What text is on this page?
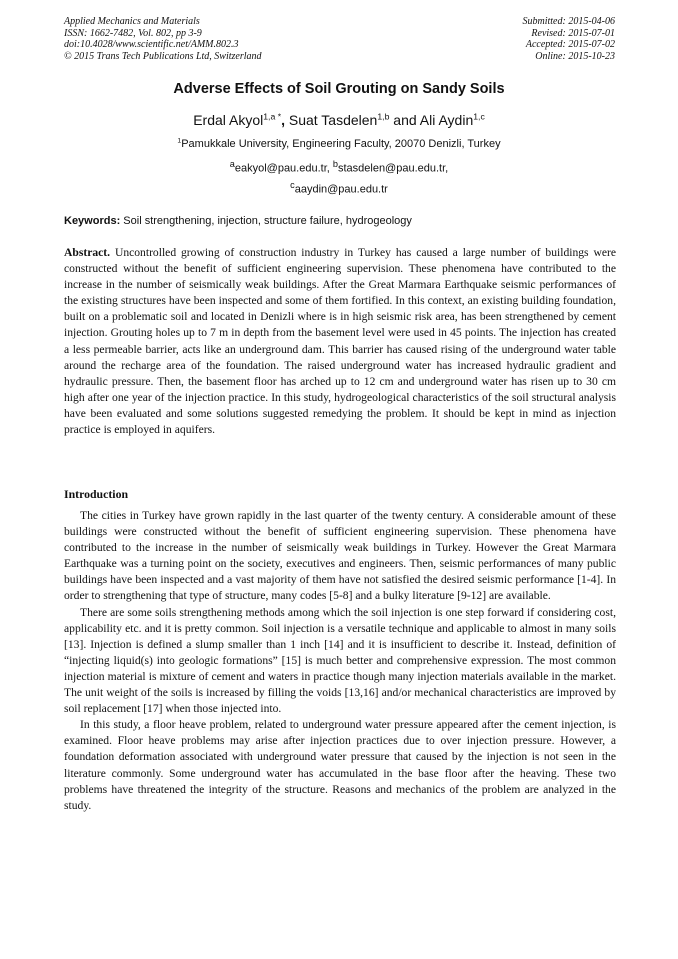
Applied Mechanics and Materials
ISSN: 1662-7482, Vol. 802, pp 3-9
doi:10.4028/www.scientific.net/AMM.802.3
© 2015 Trans Tech Publications Ltd, Switzerland
Submitted: 2015-04-06
Revised: 2015-07-01
Accepted: 2015-07-02
Online: 2015-10-23
Adverse Effects of Soil Grouting on Sandy Soils
Erdal Akyol$^{1,a *}$, Suat Tasdelen$^{1,b}$ and Ali Aydin$^{1,c}$
$^1$Pamukkale University, Engineering Faculty, 20070 Denizli, Turkey
$^a$eakyol@pau.edu.tr, $^b$stasdelen@pau.edu.tr,
$^c$aaydin@pau.edu.tr
Keywords: Soil strengthening, injection, structure failure, hydrogeology

Abstract. Uncontrolled growing of construction industry in Turkey has caused a large number of buildings were constructed without the benefit of sufficient engineering supervision. These phenomena have contributed to the increase in the number of seismically weak buildings. After the Great Marmara Earthquake seismic performances of the existing structures have been inspected and some of them fortified. In this context, an existing building foundation, built on a problematic soil and located in Denizli where is in high seismic risk area, has been strengthened by cement injection. Grouting holes up to 7 m in depth from the basement level were used in 45 points. The injection has created a less permeable barrier, acts like an underground dam. This barrier has caused rising of the underground water table around the recharge area of the foundation. The raised underground water has increased hydraulic gradient and hydraulic pressure. Then, the basement floor has arched up to 12 cm and underground water has risen up to 30 cm high after one year of the injection practice. In this study, hydrogeological characteristics of the soil structural analysis have been evaluated and some solutions suggested remedying the problem. It should be kept in mind as injection practice is employed in aquifers.

Introduction

The cities in Turkey have grown rapidly in the last quarter of the twenty century. A considerable amount of these buildings were constructed without the benefit of sufficient engineering supervision. These phenomena have contributed to the increase in the number of seismically weak buildings in Turkey. However the Great Marmara Earthquake was a turning point on the society, executives and engineers. Then, seismic performances of many public buildings have been inspected and a vast majority of them have not satisfied the desired seismic performance [1-4]. In order to strengthening that type of structure, many codes [5-8] and a bulky literature [9-12] are available.

There are some soils strengthening methods among which the soil injection is one step forward if considering cost, applicability etc. and it is pretty common. Soil injection is a versatile technique and applicable to almost in many soils [13]. Injection is defined a slump smaller than 1 inch [14] and it is insufficient to describe it. Instead, definition of “injecting liquid(s) into geologic formations” [15] is much better and comprehensive expression. The most common injection material is mixture of cement and waters in practice though many injection materials available in the market. The unit weight of the soils is increased by filling the voids [13,16] and/or mechanical characteristics are improved by soil replacement [17] when those injected into.

In this study, a floor heave problem, related to underground water pressure appeared after the cement injection, is examined. Floor heave problems may arise after injection practices due to over injection pressure. However, a foundation deformation associated with underground water pressure that caused by the injection is not seen in the literature commonly. Some underground water has accumulated in the base floor after the heaving. These two problems have threatened the integrity of the structure. Reasons and mechanics of the problem are analyzed in the study.
